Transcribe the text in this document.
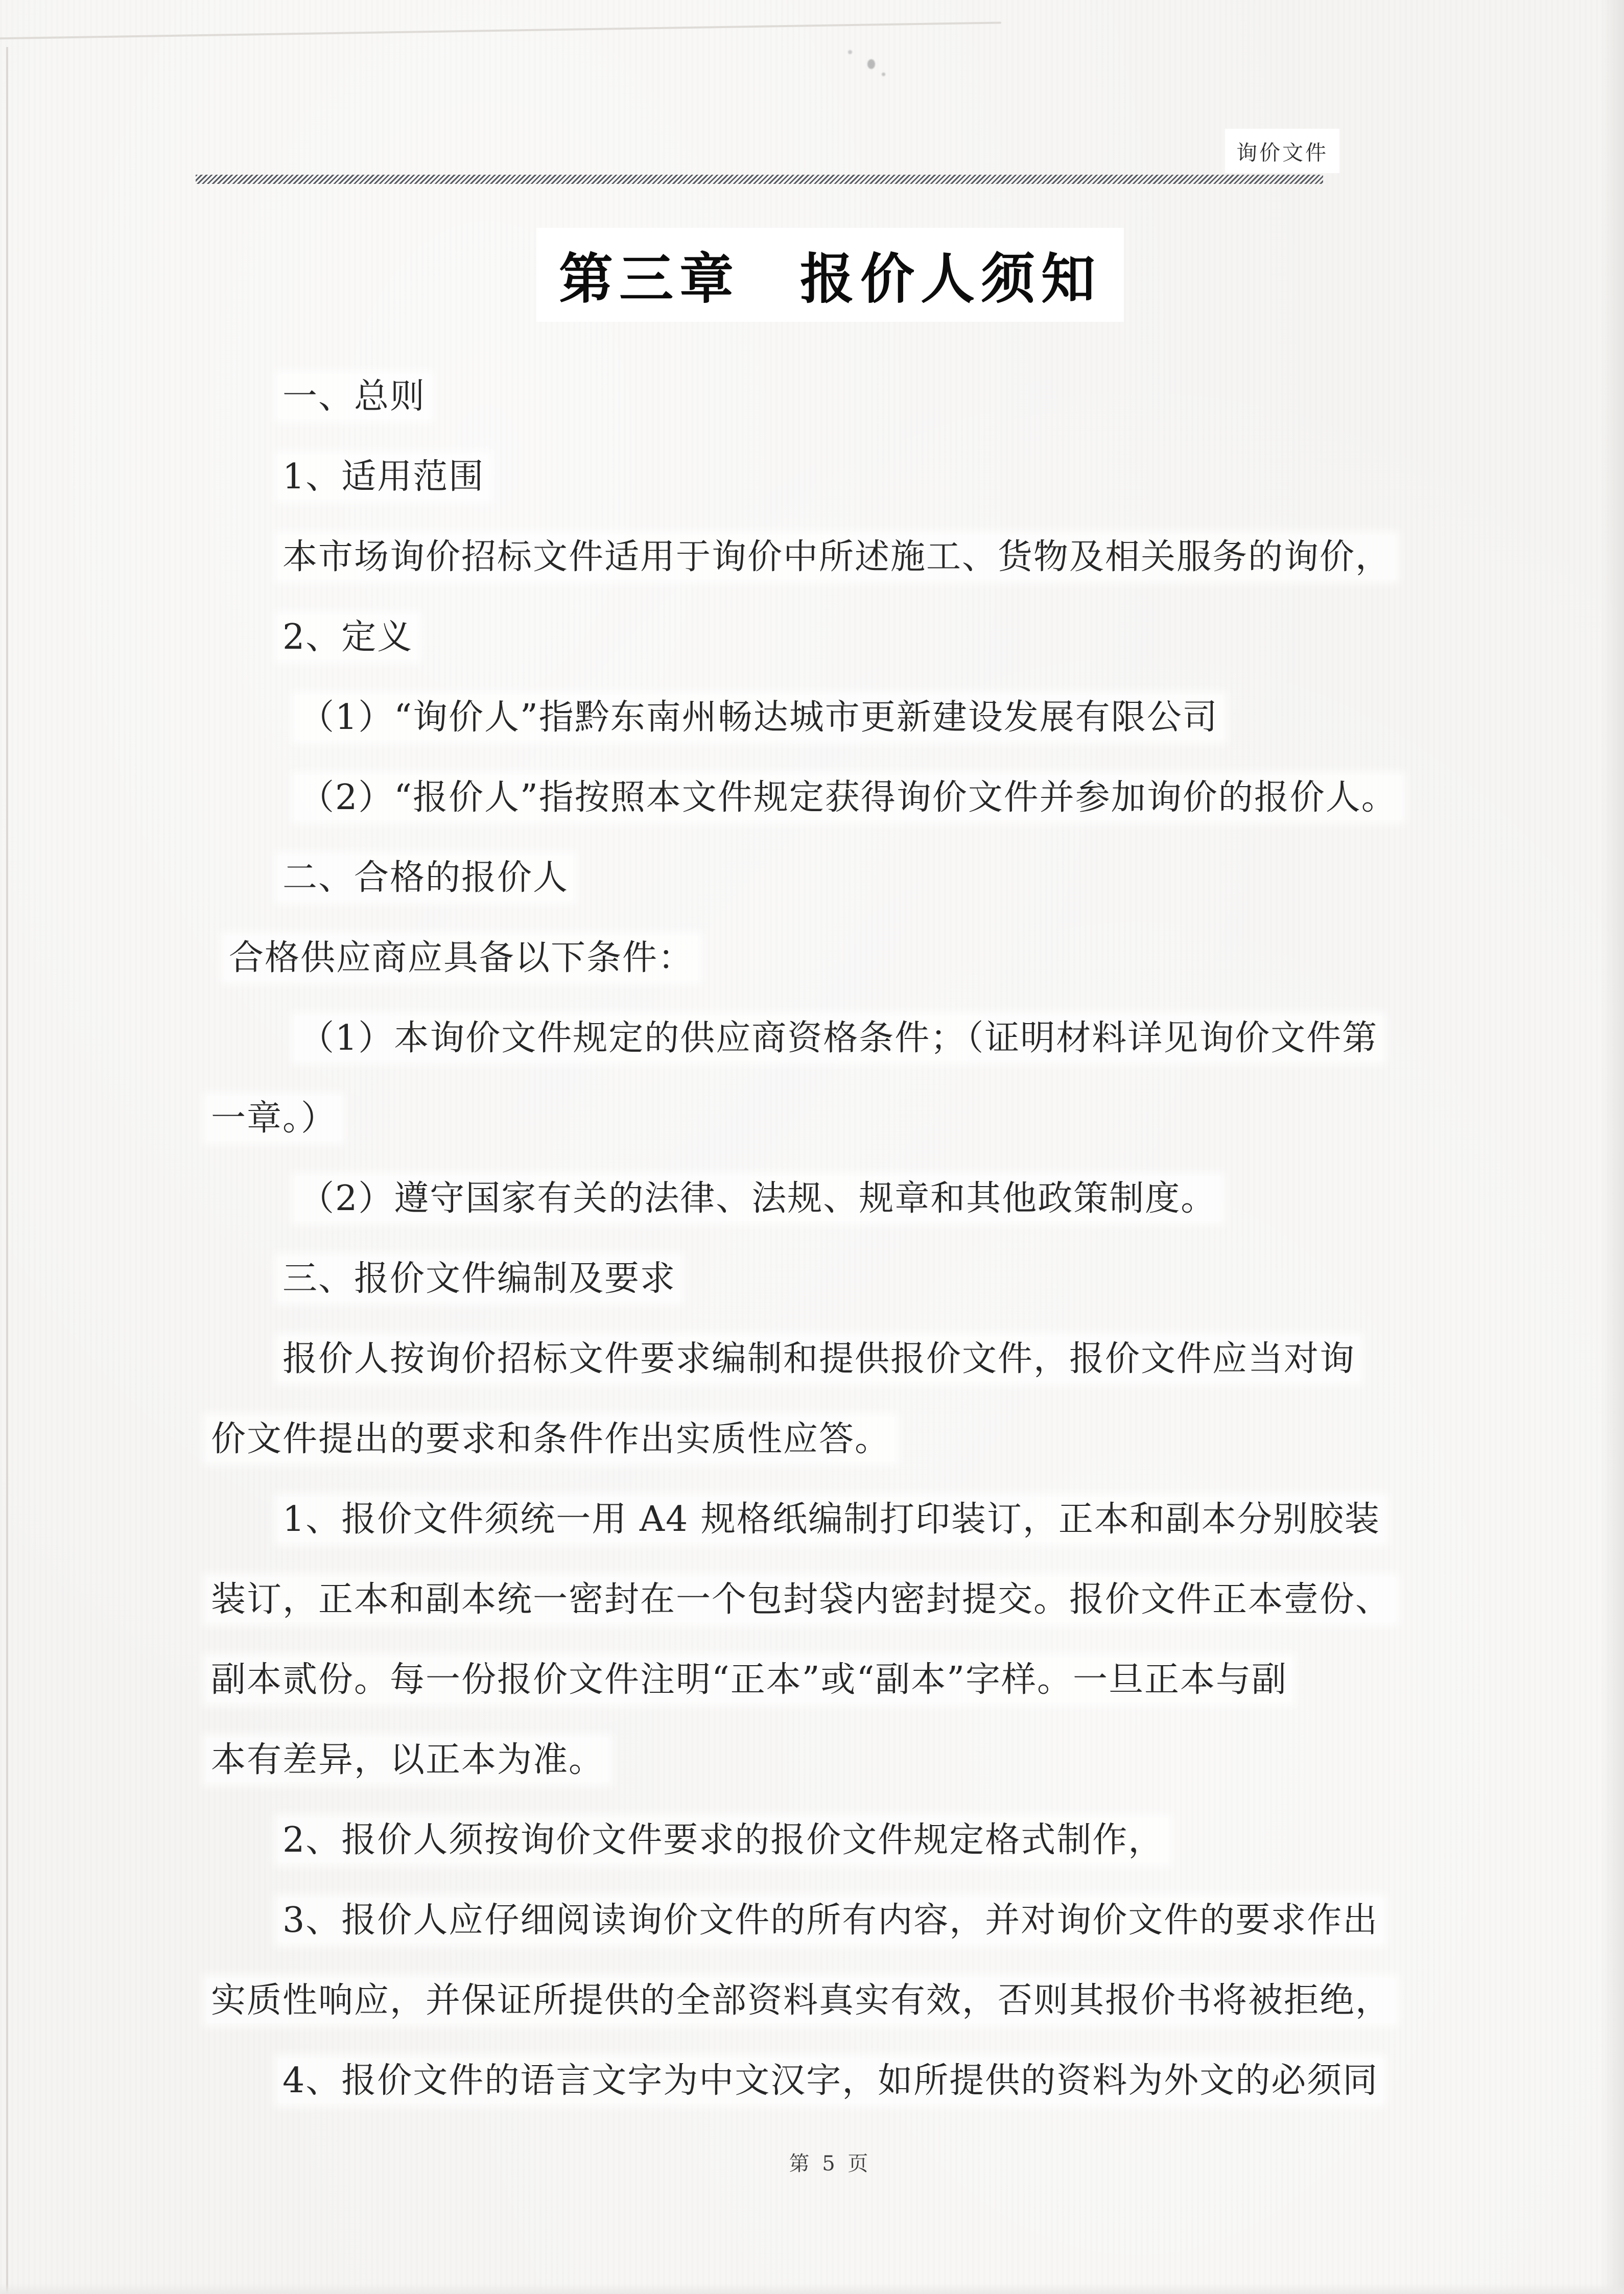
询价文件
第三章　报价人须知
一、总则
1、适用范围
本市场询价招标文件适用于询价中所述施工、货物及相关服务的询价，
2、定义
（1）“询价人”指黔东南州畅达城市更新建设发展有限公司
（2）“报价人”指按照本文件规定获得询价文件并参加询价的报价人。
二、合格的报价人
合格供应商应具备以下条件：
（1）本询价文件规定的供应商资格条件；（证明材料详见询价文件第
一章。）
（2）遵守国家有关的法律、法规、规章和其他政策制度。
三、报价文件编制及要求
报价人按询价招标文件要求编制和提供报价文件，报价文件应当对询
价文件提出的要求和条件作出实质性应答。
1、报价文件须统一用 A4 规格纸编制打印装订，正本和副本分别胶装
装订，正本和副本统一密封在一个包封袋内密封提交。报价文件正本壹份、
副本贰份。每一份报价文件注明“正本”或“副本”字样。一旦正本与副
本有差异，以正本为准。
2、报价人须按询价文件要求的报价文件规定格式制作，
3、报价人应仔细阅读询价文件的所有内容，并对询价文件的要求作出
实质性响应，并保证所提供的全部资料真实有效，否则其报价书将被拒绝，
4、报价文件的语言文字为中文汉字，如所提供的资料为外文的必须同
第 5 页
